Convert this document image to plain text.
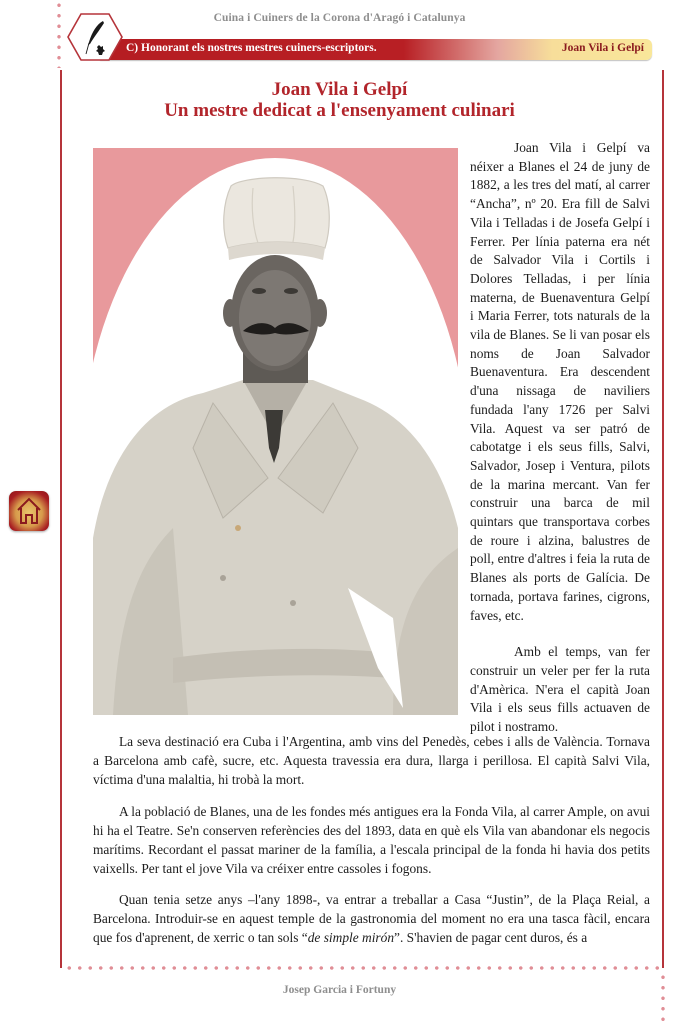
Cuina i Cuiners de la Corona d'Aragó i Catalunya
C) Honorant els nostres mestres cuiners-escriptors.	Joan Vila i Gelpí
Joan Vila i Gelpí
Un mestre dedicat a l'ensenyament culinari

Joan Vila i Gelpí va néixer a Blanes el 24 de juny de 1882, a les tres del matí, al carrer “Ancha”, nº 20. Era fill de Salvi Vila i Telladas i de Josefa Gelpí i Ferrer. Per línia paterna era nét de Salvador Vila i Cortils i Dolores Telladas, i per línia materna, de Buenaventura Gelpí i Maria Ferrer, tots naturals de la vila de Blanes. Se li van posar els noms de Joan Salvador Buenaventura. Era descendent d'una nissaga de naviliers fundada l'any 1726 per Salvi Vila. Aquest va ser patró de cabotatge i els seus fills, Salvi, Salvador, Josep i Ventura, pilots de la marina mercant. Van fer construir una barca de mil quintars que transportava corbes de roure i alzina, balustres de poll, entre d'altres i feia la ruta de Blanes als ports de Galícia. De tornada, portava farines, cigrons, faves, etc.

Amb el temps, van fer construir un veler per fer la ruta d'Amèrica. N'era el capità Joan Vila i els seus fills actuaven de pilot i nostramo.

La seva destinació era Cuba i l'Argentina, amb vins del Penedès, cebes i alls de València. Tornava a Barcelona amb cafè, sucre, etc. Aquesta travessia era dura, llarga i perillosa. El capità Salvi Vila, víctima d'una malaltia, hi trobà la mort.

A la població de Blanes, una de les fondes més antigues era la Fonda Vila, al carrer Ample, on avui hi ha el Teatre. Se'n conserven referències des del 1893, data en què els Vila van abandonar els negocis marítims. Recordant el passat mariner de la família, a l'escala principal de la fonda hi havia dos petits vaixells. Per tant el jove Vila va créixer entre cassoles i fogons.

Quan tenia setze anys –l'any 1898-, va entrar a treballar a Casa “Justin”, de la Plaça Reial, a Barcelona. Introduir-se en aquest temple de la gastronomia del moment no era una tasca fàcil, encara que fos d'aprenent, de xerric o tan sols “de simple mirón”. S'havien de pagar cent duros, és a

Josep Garcia i Fortuny
